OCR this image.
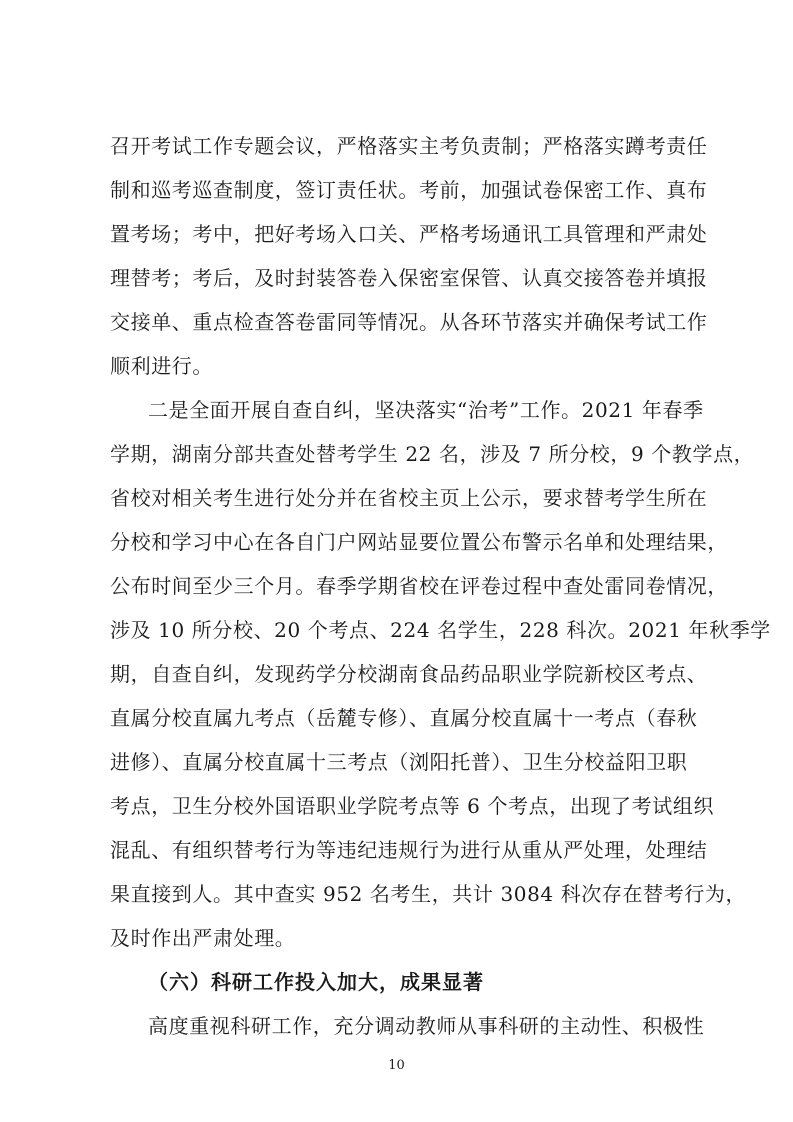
召开考试工作专题会议，严格落实主考负责制；严格落实蹲考责任
制和巡考巡查制度，签订责任状。考前，加强试卷保密工作、真布
置考场；考中，把好考场入口关、严格考场通讯工具管理和严肃处
理替考；考后，及时封装答卷入保密室保管、认真交接答卷并填报
交接单、重点检查答卷雷同等情况。从各环节落实并确保考试工作
顺利进行。
二是全面开展自查自纠，坚决落实“治考”工作。2021 年春季
学期，湖南分部共查处替考学生 22 名，涉及 7 所分校，9 个教学点，
省校对相关考生进行处分并在省校主页上公示，要求替考学生所在
分校和学习中心在各自门户网站显要位置公布警示名单和处理结果，
公布时间至少三个月。春季学期省校在评卷过程中查处雷同卷情况，
涉及 10 所分校、20 个考点、224 名学生，228 科次。2021 年秋季学
期，自查自纠，发现药学分校湖南食品药品职业学院新校区考点、
直属分校直属九考点（岳麓专修）、直属分校直属十一考点（春秋
进修）、直属分校直属十三考点（浏阳托普）、卫生分校益阳卫职
考点，卫生分校外国语职业学院考点等 6 个考点，出现了考试组织
混乱、有组织替考行为等违纪违规行为进行从重从严处理，处理结
果直接到人。其中查实 952 名考生，共计 3084 科次存在替考行为，
及时作出严肃处理。
（六）科研工作投入加大，成果显著
高度重视科研工作，充分调动教师从事科研的主动性、积极性
10
